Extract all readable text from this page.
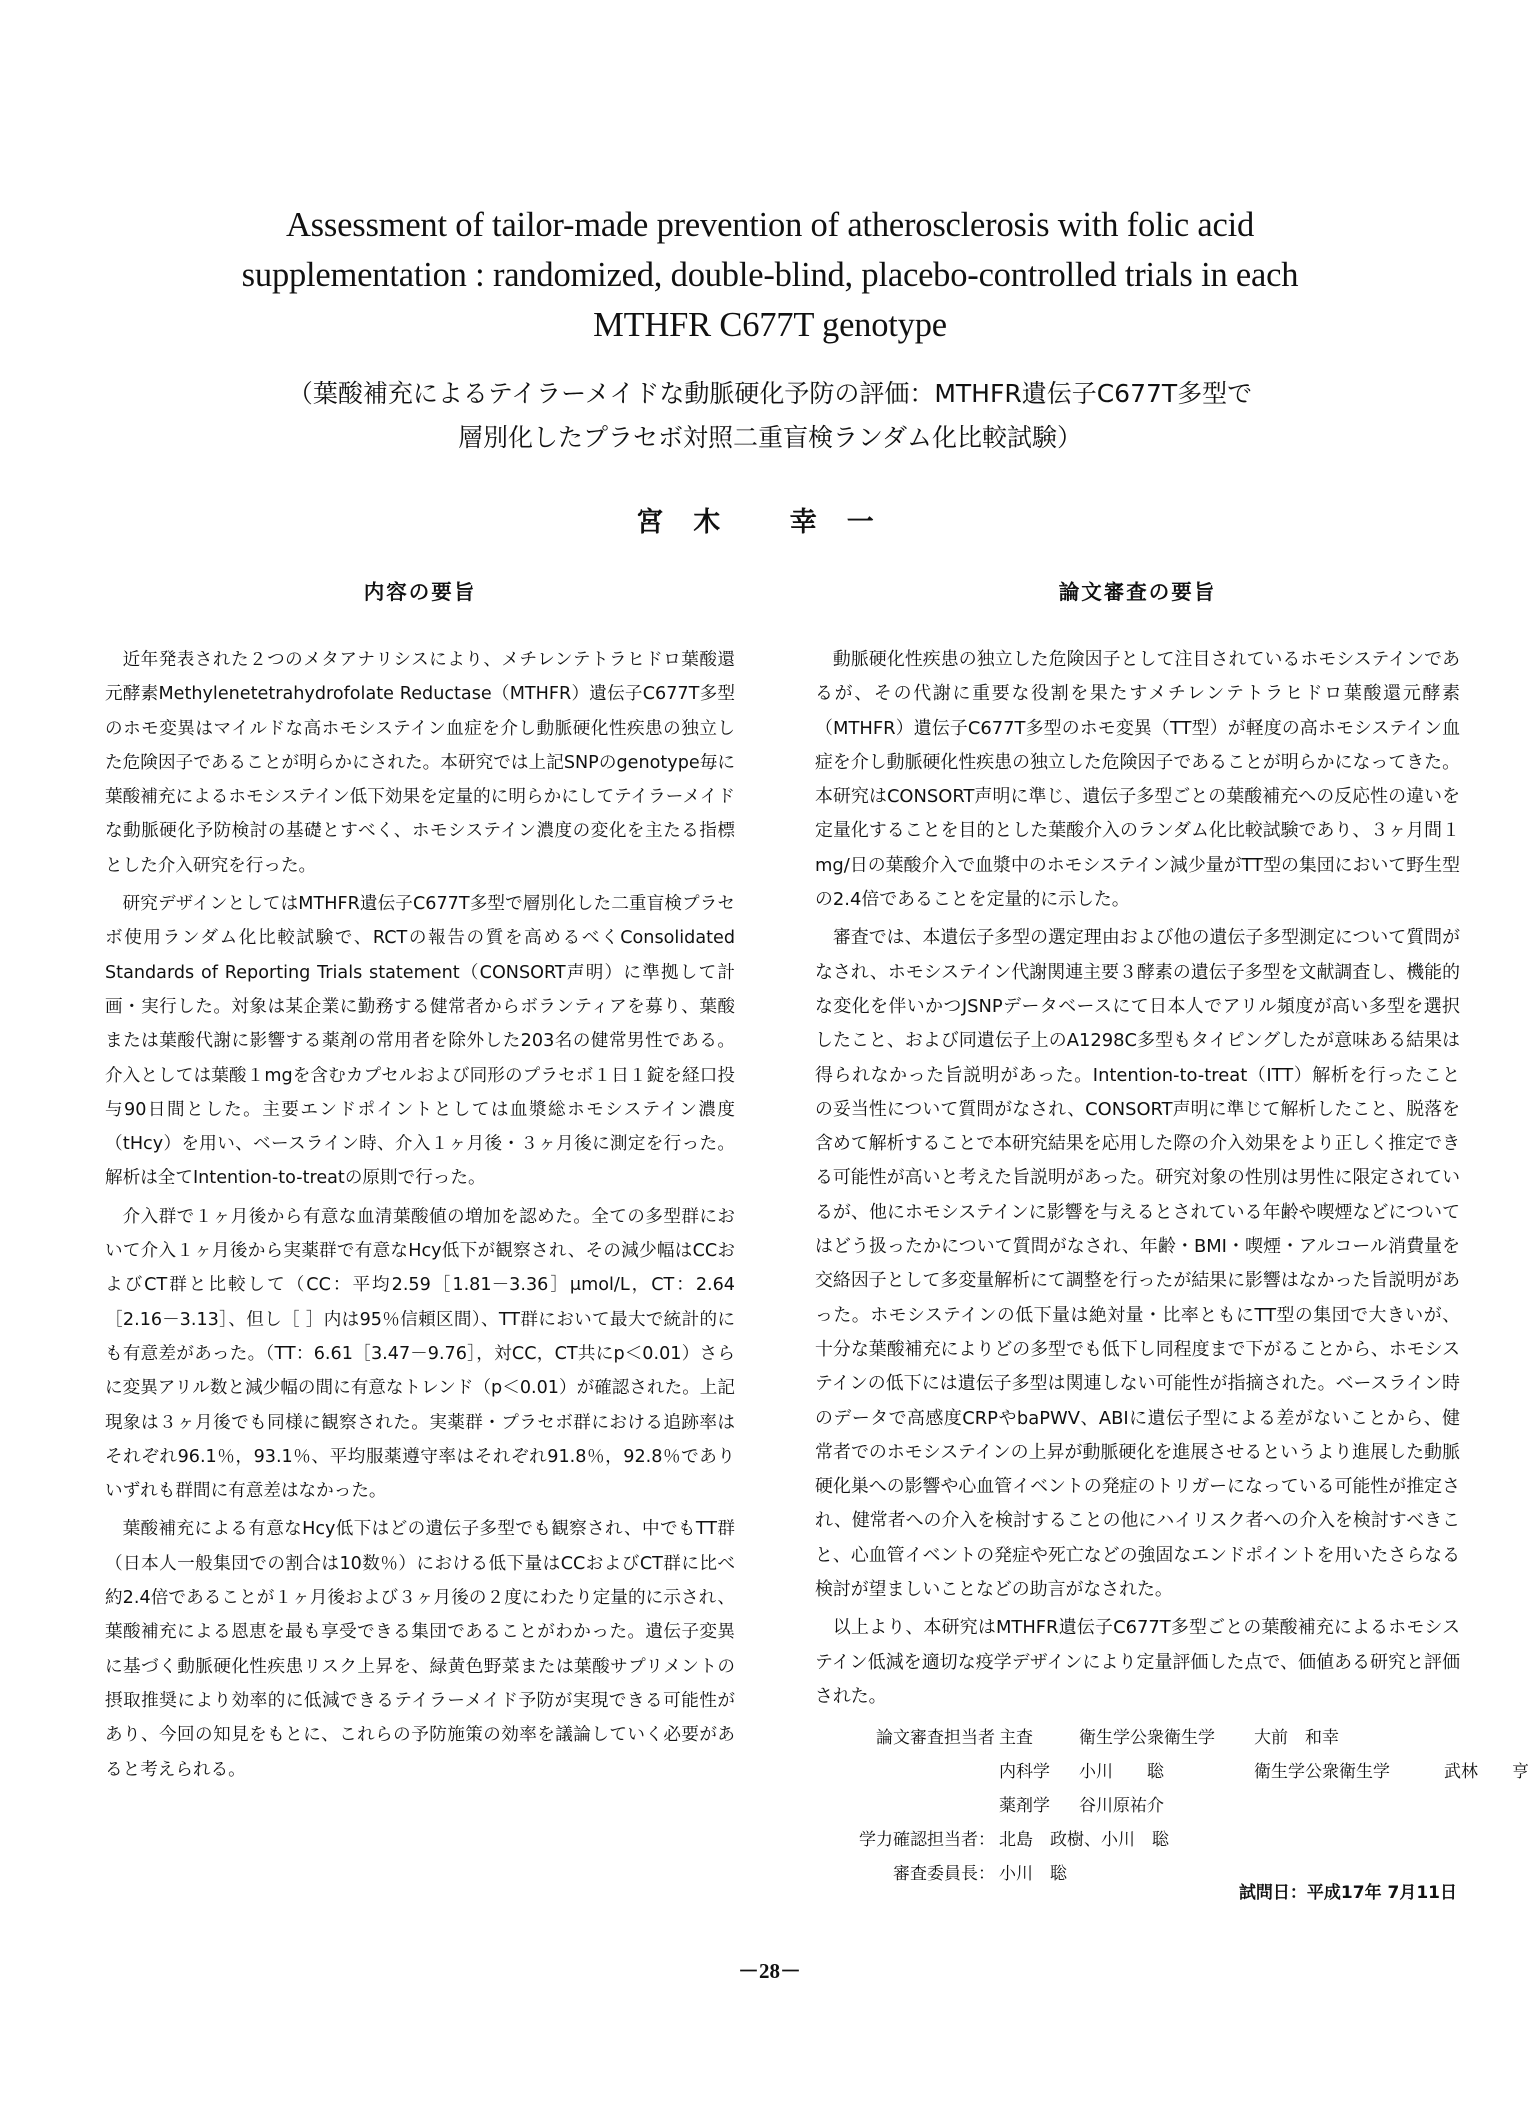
Assessment of tailor-made prevention of atherosclerosis with folic acid supplementation : randomized, double-blind, placebo-controlled trials in each MTHFR C677T genotype
（葉酸補充によるテイラーメイドな動脈硬化予防の評価：MTHFR遺伝子C677T多型で
層別化したプラセボ対照二重盲検ランダム化比較試験）
宮木 幸一
内容の要旨

近年発表された２つのメタアナリシスにより、メチレンテトラヒドロ葉酸還元酵素Methylenetetrahydrofolate Reductase（MTHFR）遺伝子C677T多型のホモ変異はマイルドな高ホモシステイン血症を介し動脈硬化性疾患の独立した危険因子であることが明らかにされた。本研究では上記SNPのgenotype毎に葉酸補充によるホモシステイン低下効果を定量的に明らかにしてテイラーメイドな動脈硬化予防検討の基礎とすべく、ホモシステイン濃度の変化を主たる指標とした介入研究を行った。

研究デザインとしてはMTHFR遺伝子C677T多型で層別化した二重盲検プラセボ使用ランダム化比較試験で、RCTの報告の質を高めるべくConsolidated Standards of Reporting Trials statement（CONSORT声明）に準拠して計画・実行した。対象は某企業に勤務する健常者からボランティアを募り、葉酸または葉酸代謝に影響する薬剤の常用者を除外した203名の健常男性である。介入としては葉酸１mgを含むカプセルおよび同形のプラセボ１日１錠を経口投与90日間とした。主要エンドポイントとしては血漿総ホモシステイン濃度（tHcy）を用い、ベースライン時、介入１ヶ月後・３ヶ月後に測定を行った。解析は全てIntention-to-treatの原則で行った。

介入群で１ヶ月後から有意な血清葉酸値の増加を認めた。全ての多型群において介入１ヶ月後から実薬群で有意なHcy低下が観察され、その減少幅はCCおよびCT群と比較して（CC：平均2.59［1.81－3.36］μmol/L，CT：2.64［2.16－3.13］、但し［ ］内は95％信頼区間）、TT群において最大で統計的にも有意差があった。（TT：6.61［3.47－9.76］，対CC，CT共にp＜0.01）さらに変異アリル数と減少幅の間に有意なトレンド（p＜0.01）が確認された。上記現象は３ヶ月後でも同様に観察された。実薬群・プラセボ群における追跡率はそれぞれ96.1％，93.1％、平均服薬遵守率はそれぞれ91.8％，92.8％でありいずれも群間に有意差はなかった。

葉酸補充による有意なHcy低下はどの遺伝子多型でも観察され、中でもTT群（日本人一般集団での割合は10数％）における低下量はCCおよびCT群に比べ約2.4倍であることが１ヶ月後および３ヶ月後の２度にわたり定量的に示され、葉酸補充による恩恵を最も享受できる集団であることがわかった。遺伝子変異に基づく動脈硬化性疾患リスク上昇を、緑黄色野菜または葉酸サプリメントの摂取推奨により効率的に低減できるテイラーメイド予防が実現できる可能性があり、今回の知見をもとに、これらの予防施策の効率を議論していく必要があると考えられる。

論文審査の要旨

動脈硬化性疾患の独立した危険因子として注目されているホモシステインであるが、その代謝に重要な役割を果たすメチレンテトラヒドロ葉酸還元酵素（MTHFR）遺伝子C677T多型のホモ変異（TT型）が軽度の高ホモシステイン血症を介し動脈硬化性疾患の独立した危険因子であることが明らかになってきた。本研究はCONSORT声明に準じ、遺伝子多型ごとの葉酸補充への反応性の違いを定量化することを目的とした葉酸介入のランダム化比較試験であり、３ヶ月間１mg/日の葉酸介入で血漿中のホモシステイン減少量がTT型の集団において野生型の2.4倍であることを定量的に示した。

審査では、本遺伝子多型の選定理由および他の遺伝子多型測定について質問がなされ、ホモシステイン代謝関連主要３酵素の遺伝子多型を文献調査し、機能的な変化を伴いかつJSNPデータベースにて日本人でアリル頻度が高い多型を選択したこと、および同遺伝子上のA1298C多型もタイピングしたが意味ある結果は得られなかった旨説明があった。Intention-to-treat（ITT）解析を行ったことの妥当性について質問がなされ、CONSORT声明に準じて解析したこと、脱落を含めて解析することで本研究結果を応用した際の介入効果をより正しく推定できる可能性が高いと考えた旨説明があった。研究対象の性別は男性に限定されているが、他にホモシステインに影響を与えるとされている年齢や喫煙などについてはどう扱ったかについて質問がなされ、年齢・BMI・喫煙・アルコール消費量を交絡因子として多変量解析にて調整を行ったが結果に影響はなかった旨説明があった。ホモシステインの低下量は絶対量・比率ともにTT型の集団で大きいが、十分な葉酸補充によりどの多型でも低下し同程度まで下がることから、ホモシステインの低下には遺伝子多型は関連しない可能性が指摘された。ベースライン時のデータで高感度CRPやbaPWV、ABIに遺伝子型による差がないことから、健常者でのホモシステインの上昇が動脈硬化を進展させるというより進展した動脈硬化巣への影響や心血管イベントの発症のトリガーになっている可能性が推定され、健常者への介入を検討することの他にハイリスク者への介入を検討すべきこと、心血管イベントの発症や死亡などの強固なエンドポイントを用いたさらなる検討が望ましいことなどの助言がなされた。

以上より、本研究はMTHFR遺伝子C677T多型ごとの葉酸補充によるホモシステイン低減を適切な疫学デザインにより定量評価した点で、価値ある研究と評価された。

論文審査担当者 主査	衛生学公衆衛生学	大前　和幸
内科学	小川　　聡	衛生学公衆衛生学	武林　　亨
薬剤学	谷川原祐介
学力確認担当者： 北島　政樹、小川　聡
審査委員長： 小川　聡
試問日：平成17年 7月11日
－28－
